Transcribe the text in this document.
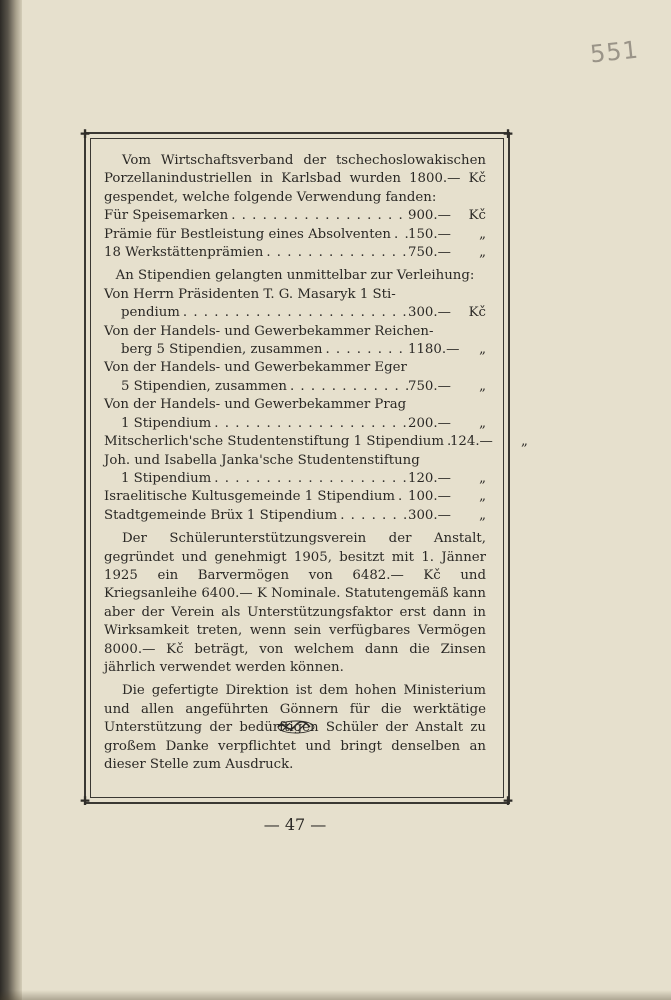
551
✚	✚
✚	✚

Vom Wirtschaftsverband der tschechoslowakischen Porzellanindustriellen in Karlsbad wurden 1800.— Kč gespendet, welche folgende Verwendung fanden:

Für Speisemarken . . .	900.—	Kč
Prämie für Bestleistung eines Absolventen . . . 150.—	„
18 Werkstättenprämien . . .	750.—	„

An Stipendien gelangten unmittelbar zur Verleihung:

Von Herrn Präsidenten T. G. Masaryk 1 Sti-

pendium . . .	300.—	Kč

Von der Handels- und Gewerbekammer Reichen-

berg 5 Stipendien, zusammen . . .	1180.—	„

Von der Handels- und Gewerbekammer Eger

5 Stipendien, zusammen . . .	750.—	„

Von der Handels- und Gewerbekammer Prag

1 Stipendium . . .	200.—	„
Mitscherlich'sche Studentenstiftung 1 Stipendium . . . 124.—	„

Joh. und Isabella Janka'sche Studentenstiftung

1 Stipendium . . .	120.—	„
Israelitische Kultusgemeinde 1 Stipendium . . . 100.—	„
Stadtgemeinde Brüx 1 Stipendium . . .	300.—	„

Der Schülerunterstützungsverein der Anstalt, gegründet und genehmigt 1905, besitzt mit 1. Jänner 1925 ein Barvermögen von 6482.— Kč und Kriegsanleihe 6400.— K Nominale. Statutengemäß kann aber der Verein als Unterstützungsfaktor erst dann in Wirksamkeit treten, wenn sein verfügbares Vermögen 8000.— Kč beträgt, von welchem dann die Zinsen jährlich verwendet werden können.

Die gefertigte Direktion ist dem hohen Ministerium und allen angeführten Gönnern für die werktätige Unterstützung der bedürftigen Schüler der Anstalt zu großem Danke verpflichtet und bringt denselben an dieser Stelle zum Ausdruck.

— 47 —
